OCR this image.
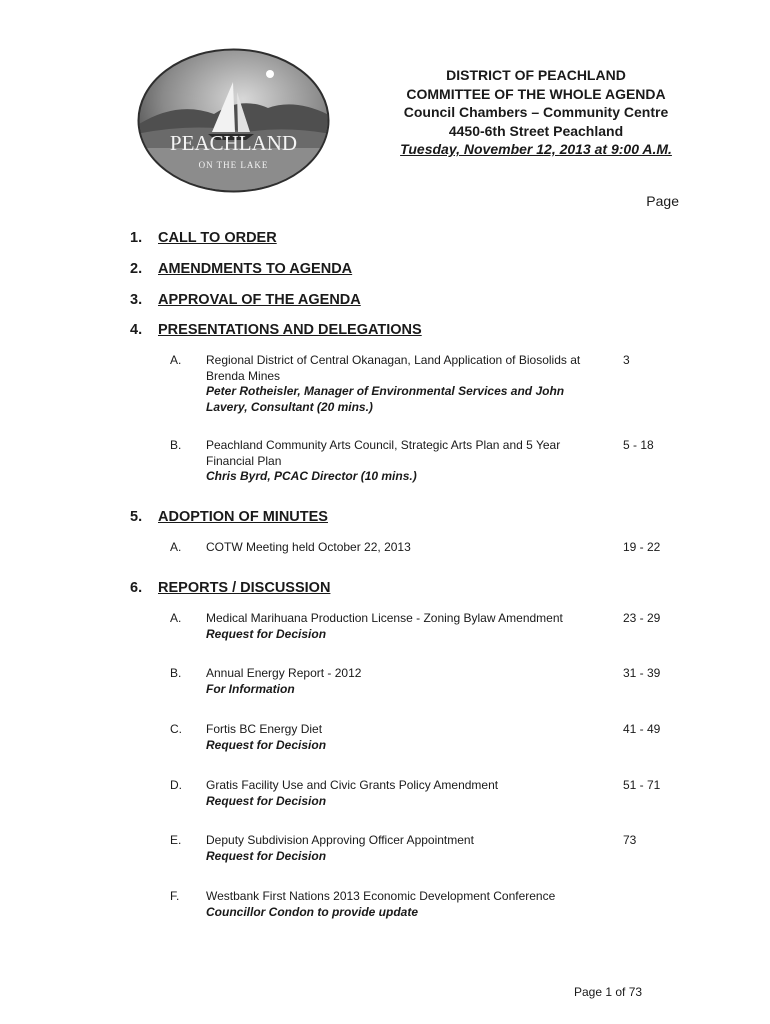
PEACHLAND
ON THE LAKE
DISTRICT OF PEACHLAND
COMMITTEE OF THE WHOLE AGENDA
Council Chambers – Community Centre
4450-6th Street Peachland
Tuesday, November 12, 2013 at 9:00 A.M.
Page
1. CALL TO ORDER
2. AMENDMENTS TO AGENDA
3. APPROVAL OF THE AGENDA
4. PRESENTATIONS AND DELEGATIONS
A. Regional District of Central Okanagan, Land Application of Biosolids at Brenda Mines
Peter Rotheisler, Manager of Environmental Services and John Lavery, Consultant (20 mins.)
3
B. Peachland Community Arts Council, Strategic Arts Plan and 5 Year Financial Plan
Chris Byrd, PCAC Director (10 mins.)
5 - 18
5. ADOPTION OF MINUTES
A. COTW Meeting held October 22, 2013	19 - 22
6. REPORTS / DISCUSSION
A. Medical Marihuana Production License - Zoning Bylaw Amendment
Request for Decision
23 - 29
B. Annual Energy Report - 2012
For Information
31 - 39
C. Fortis BC Energy Diet
Request for Decision
41 - 49
D. Gratis Facility Use and Civic Grants Policy Amendment
Request for Decision
51 - 71
E. Deputy Subdivision Approving Officer Appointment
Request for Decision
73
F. Westbank First Nations 2013 Economic Development Conference
Councillor Condon to provide update
Page 1 of 73
